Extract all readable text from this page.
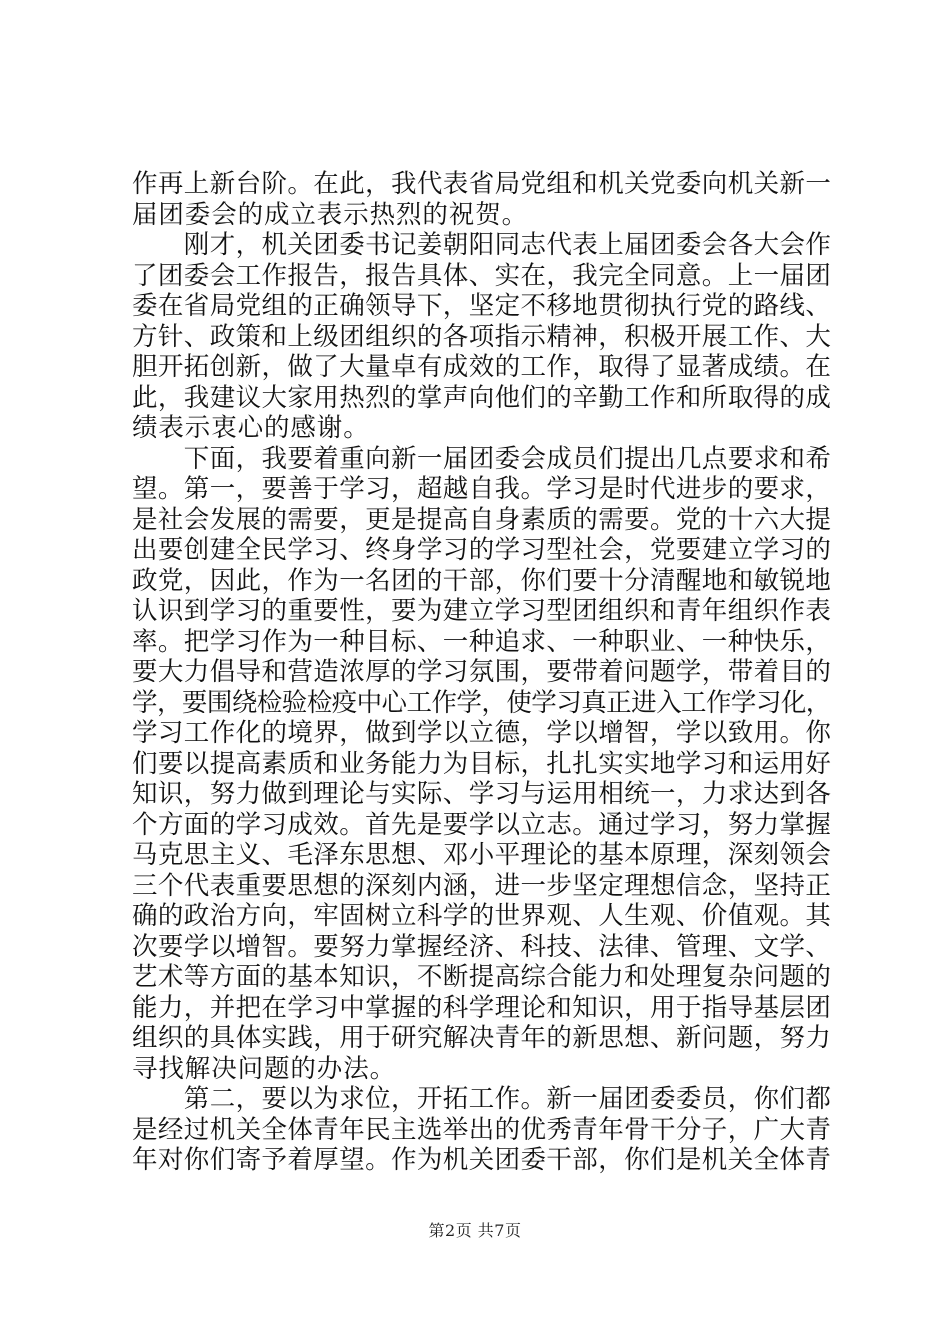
作再上新台阶。在此，我代表省局党组和机关党委向机关新一
届团委会的成立表示热烈的祝贺。
　　刚才，机关团委书记姜朝阳同志代表上届团委会各大会作
了团委会工作报告，报告具体、实在，我完全同意。上一届团
委在省局党组的正确领导下，坚定不移地贯彻执行党的路线、
方针、政策和上级团组织的各项指示精神，积极开展工作、大
胆开拓创新，做了大量卓有成效的工作，取得了显著成绩。在
此，我建议大家用热烈的掌声向他们的辛勤工作和所取得的成
绩表示衷心的感谢。
　　下面，我要着重向新一届团委会成员们提出几点要求和希
望。第一，要善于学习，超越自我。学习是时代进步的要求，
是社会发展的需要，更是提高自身素质的需要。党的十六大提
出要创建全民学习、终身学习的学习型社会，党要建立学习的
政党，因此，作为一名团的干部，你们要十分清醒地和敏锐地
认识到学习的重要性，要为建立学习型团组织和青年组织作表
率。把学习作为一种目标、一种追求、一种职业、一种快乐，
要大力倡导和营造浓厚的学习氛围，要带着问题学，带着目的
学，要围绕检验检疫中心工作学，使学习真正进入工作学习化，
学习工作化的境界，做到学以立德，学以增智，学以致用。你
们要以提高素质和业务能力为目标，扎扎实实地学习和运用好
知识，努力做到理论与实际、学习与运用相统一，力求达到各
个方面的学习成效。首先是要学以立志。通过学习，努力掌握
马克思主义、毛泽东思想、邓小平理论的基本原理，深刻领会
三个代表重要思想的深刻内涵，进一步坚定理想信念，坚持正
确的政治方向，牢固树立科学的世界观、人生观、价值观。其
次要学以增智。要努力掌握经济、科技、法律、管理、文学、
艺术等方面的基本知识，不断提高综合能力和处理复杂问题的
能力，并把在学习中掌握的科学理论和知识，用于指导基层团
组织的具体实践，用于研究解决青年的新思想、新问题，努力
寻找解决问题的办法。
　　第二，要以为求位，开拓工作。新一届团委委员，你们都
是经过机关全体青年民主选举出的优秀青年骨干分子，广大青
年对你们寄予着厚望。作为机关团委干部，你们是机关全体青
第2页 共7页
